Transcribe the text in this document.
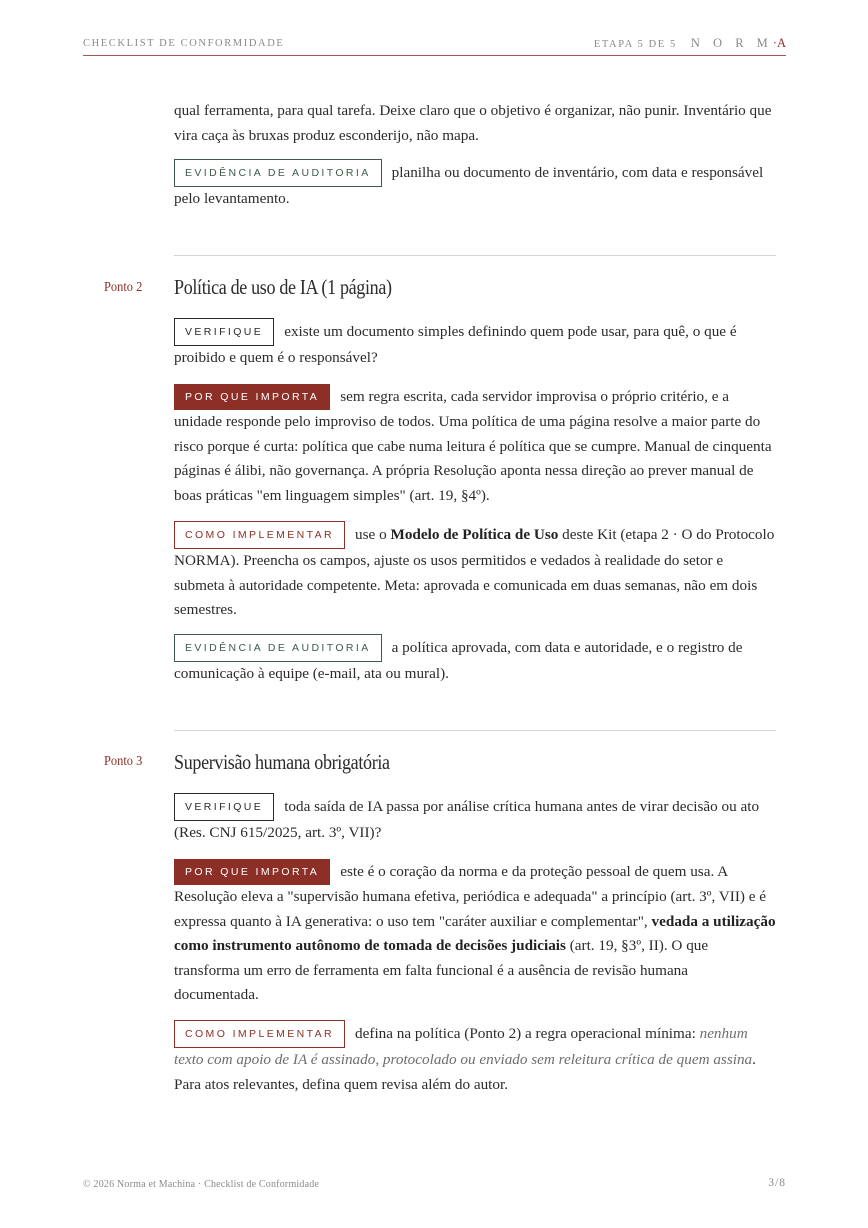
CHECKLIST DE CONFORMIDADE	ETAPA 5 DE 5 N O R M·A

qual ferramenta, para qual tarefa. Deixe claro que o objetivo é organizar, não punir. Inventário que vira caça às bruxas produz esconderijo, não mapa.

EVIDÊNCIA DE AUDITORIA planilha ou documento de inventário, com data e responsável pelo levantamento.

Ponto 2 Política de uso de IA (1 página)

VERIFIQUE existe um documento simples definindo quem pode usar, para quê, o que é proibido e quem é o responsável?

POR QUE IMPORTA sem regra escrita, cada servidor improvisa o próprio critério, e a unidade responde pelo improviso de todos. Uma política de uma página resolve a maior parte do risco porque é curta: política que cabe numa leitura é política que se cumpre. Manual de cinquenta páginas é álibi, não governança. A própria Resolução aponta nessa direção ao prever manual de boas práticas "em linguagem simples" (art. 19, §4º).

COMO IMPLEMENTAR use o Modelo de Política de Uso deste Kit (etapa 2 · O do Protocolo NORMA). Preencha os campos, ajuste os usos permitidos e vedados à realidade do setor e submeta à autoridade competente. Meta: aprovada e comunicada em duas semanas, não em dois semestres.

EVIDÊNCIA DE AUDITORIA a política aprovada, com data e autoridade, e o registro de comunicação à equipe (e-mail, ata ou mural).

Ponto 3 Supervisão humana obrigatória

VERIFIQUE toda saída de IA passa por análise crítica humana antes de virar decisão ou ato (Res. CNJ 615/2025, art. 3º, VII)?

POR QUE IMPORTA este é o coração da norma e da proteção pessoal de quem usa. A Resolução eleva a "supervisão humana efetiva, periódica e adequada" a princípio (art. 3º, VII) e é expressa quanto à IA generativa: o uso tem "caráter auxiliar e complementar", vedada a utilização como instrumento autônomo de tomada de decisões judiciais (art. 19, §3º, II). O que transforma um erro de ferramenta em falta funcional é a ausência de revisão humana documentada.

COMO IMPLEMENTAR defina na política (Ponto 2) a regra operacional mínima: nenhum texto com apoio de IA é assinado, protocolado ou enviado sem releitura crítica de quem assina. Para atos relevantes, defina quem revisa além do autor.

© 2026 Norma et Machina · Checklist de Conformidade	3/8
